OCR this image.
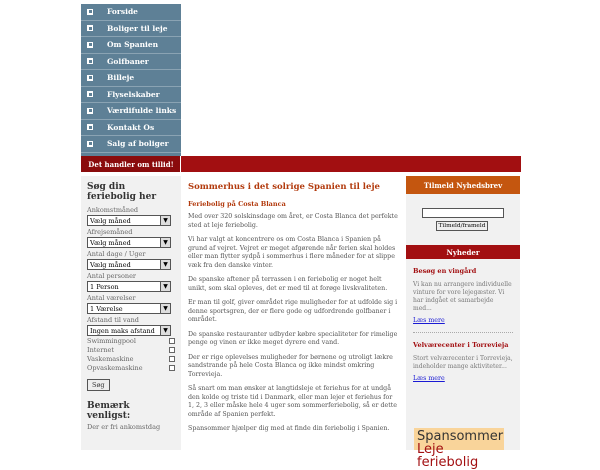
Forside
Boliger til leje
Om Spanien
Golfbaner
Billeje
Flyselskaber
Værdifulde links
Kontakt Os
Salg af boliger
Det handler om tillid!
Søg din feriebolig her
Ankomstmåned
Vælg måned	▼
Afrejsemåned
Vælg måned	▼
Antal dage / Uger
Vælg måned	▼
Antal personer
1 Person	▼
Antal værelser
1 Værelse	▼
Afstand til vand
Ingen maks afstand	▼
Swimmingpool
Internet
Vaskemaskine
Opvaskemaskine
Søg
Bemærk venligst:
Der er fri ankomstdag
Sommerhus i det solrige Spanien til leje
Feriebolig på Costa Blanca

Med over 320 solskinsdage om året, er Costa Blanca det perfekte sted at leje feriebolig.

Vi har valgt at koncentrere os om Costa Blanca i Spanien på grund af vejret. Vejret er meget afgørende når ferien skal holdes eller man flytter sydpå i sommerhus i flere måneder for at slippe væk fra den danske vinter.

De spanske aftener på terrassen i en feriebolig er noget helt unikt, som skal opleves, det er med til at forøge livskvaliteten.

Er man til golf, giver området rige muligheder for at udfolde sig i denne sportsgren, der er flere gode og udfordrende golfbaner i området.

De spanske restauranter udbyder købre specialiteter for rimelige penge og vinen er ikke meget dyrere end vand.

Der er rige oplevelses muligheder for børnene og utroligt lækre sandstrande på hele Costa Blanca og ikke mindst omkring Torrevieja.

Så snart om man ønsker at langtidsleje et feriehus for at undgå den kolde og triste tid i Danmark, eller man lejer et feriehus for 1, 2, 3 eller måske hele 4 uger som sommerferiebolig, så er dette område af Spanien perfekt.

Spansommer hjælper dig med at finde din feriebolig i Spanien.

Tilmeld Nyhedsbrev
Tilmeld/frameld
Nyheder
Besøg en vingård
Vi kan nu arrangere individuelle vinture for vore lejegæster. Vi har indgået et samarbejde med...
Læs mere
Velværecenter i Torrevieja
Stort velværecenter i Torrevieja, indeholder mange aktiviteter...
Læs mere
Spansommer
Leje feriebolig
